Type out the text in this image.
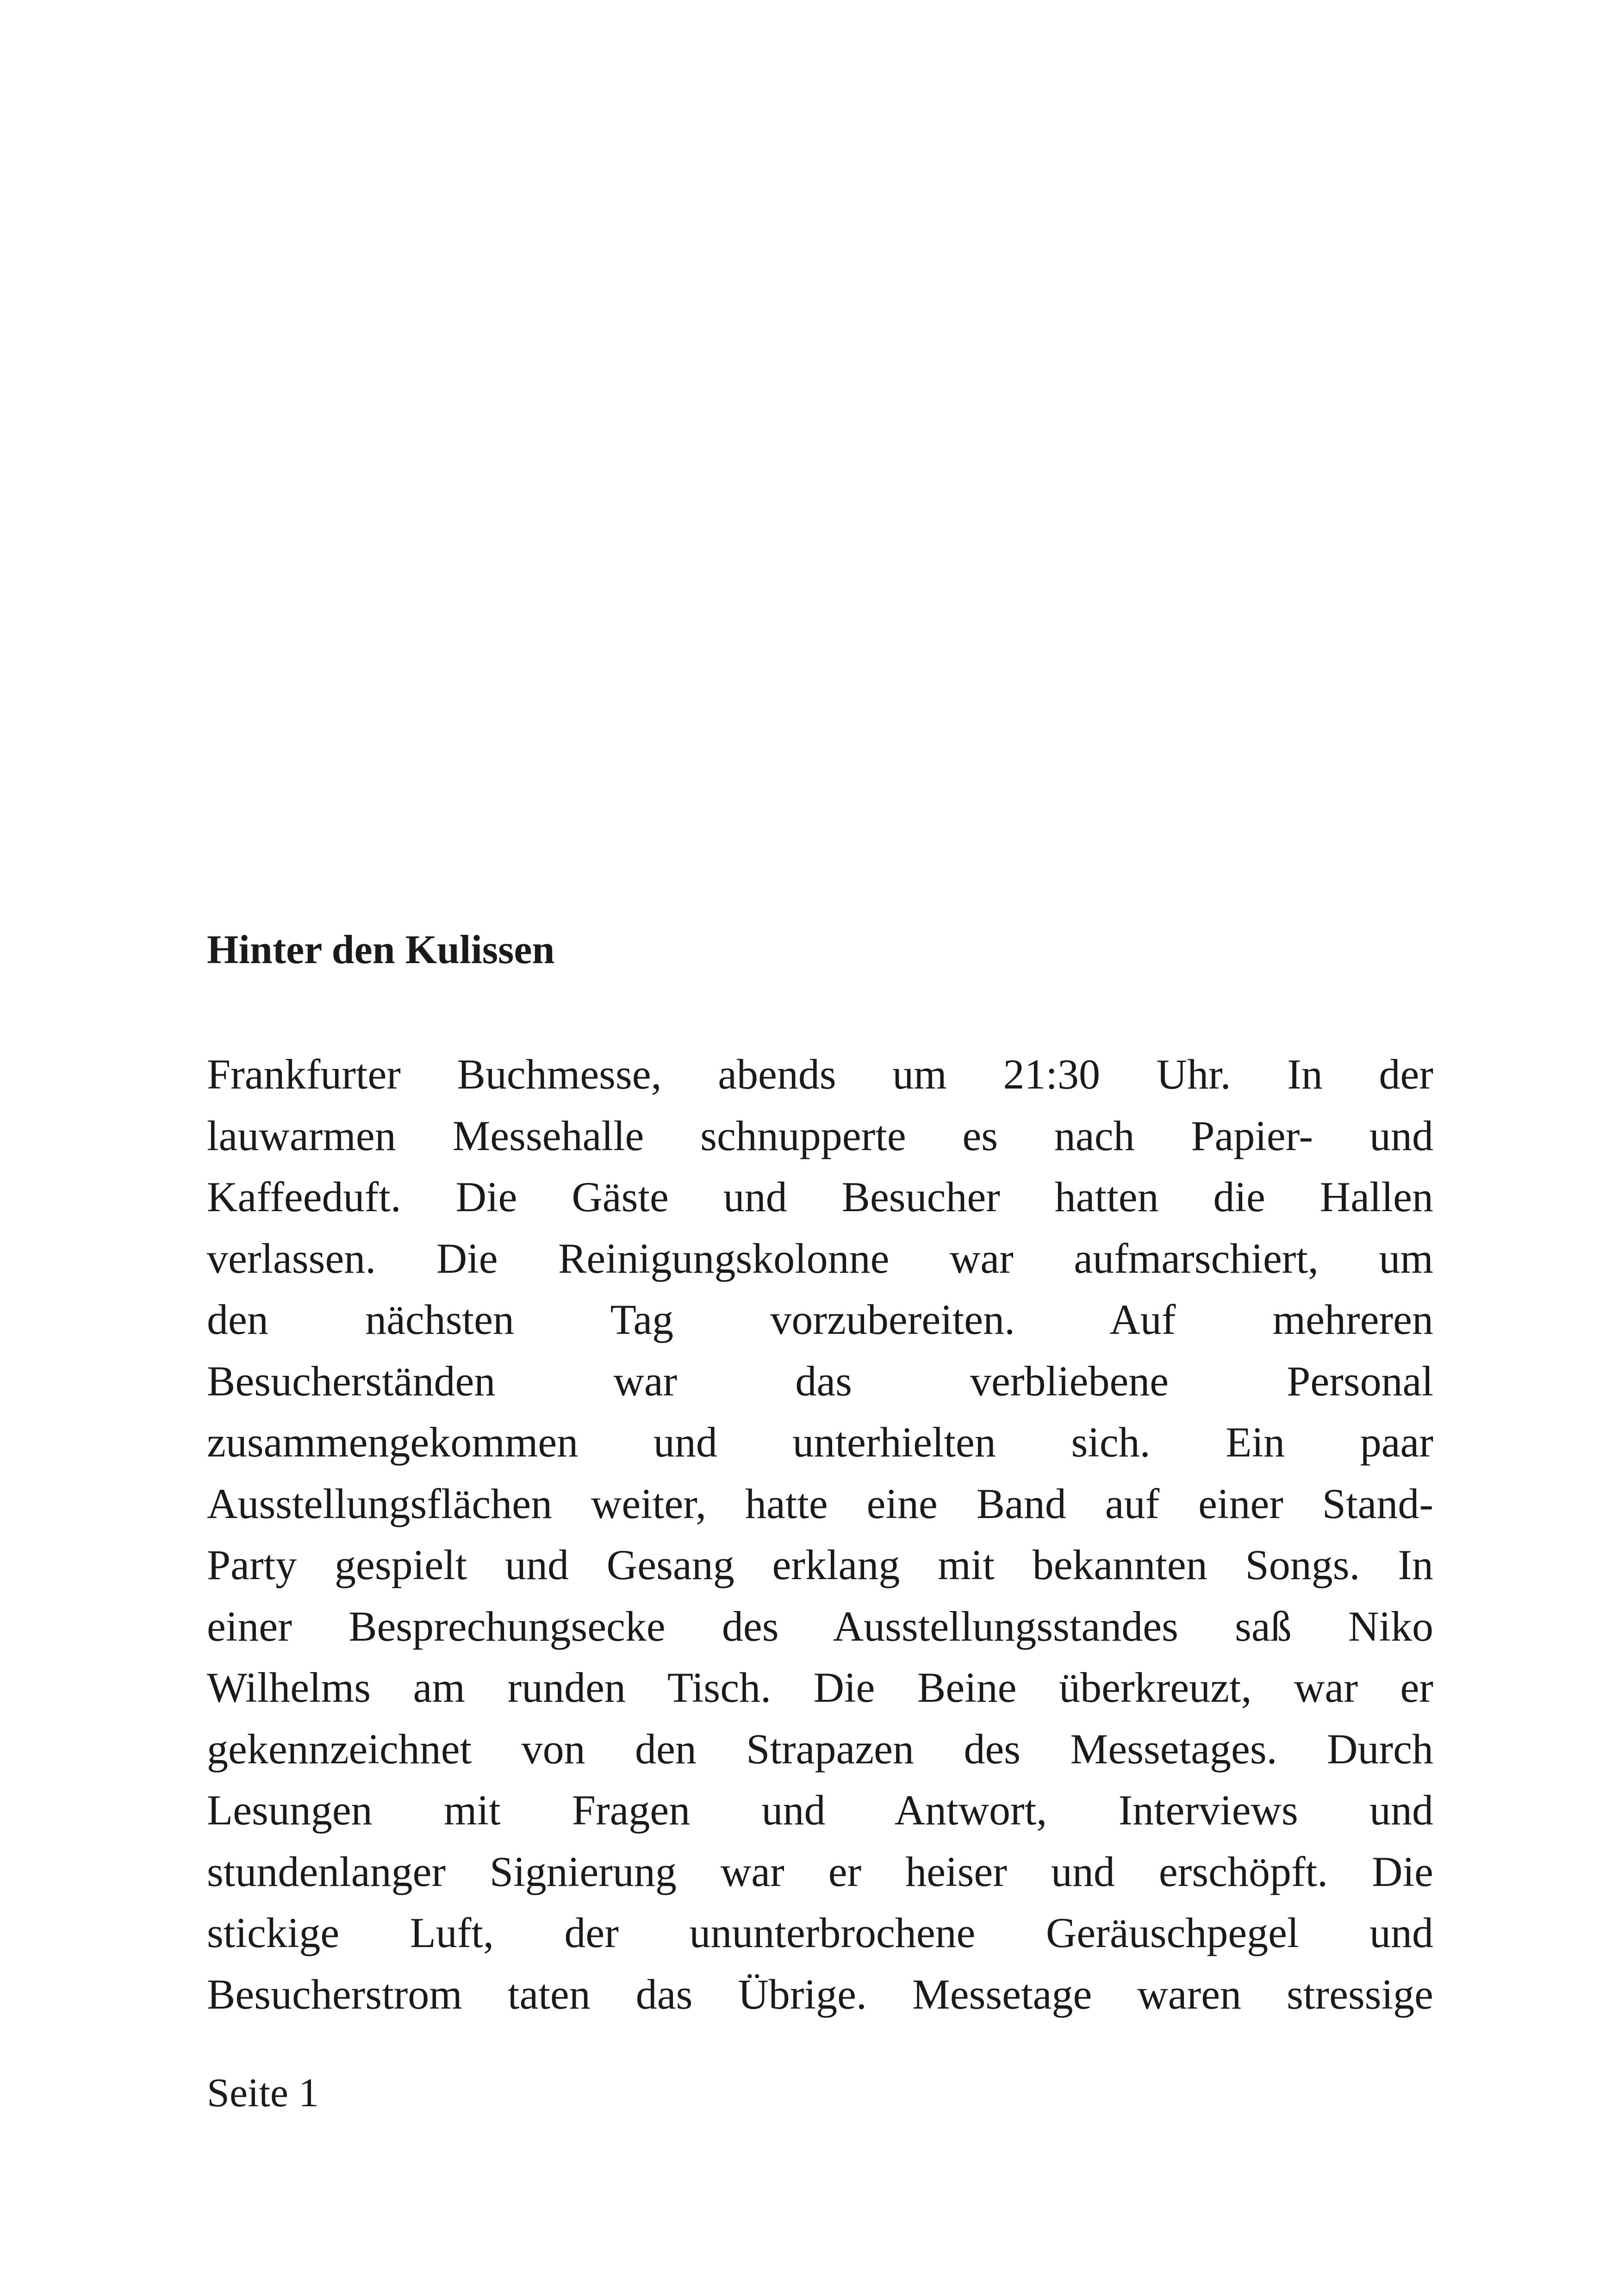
Hinter den Kulissen
Frankfurter Buchmesse, abends um 21:30 Uhr. In der
lauwarmen Messehalle schnupperte es nach Papier- und
Kaffeeduft. Die Gäste und Besucher hatten die Hallen
verlassen. Die Reinigungskolonne war aufmarschiert, um
den nächsten Tag vorzubereiten. Auf mehreren
Besucherständen war das verbliebene Personal
zusammengekommen und unterhielten sich. Ein paar
Ausstellungsflächen weiter, hatte eine Band auf einer Stand-
Party gespielt und Gesang erklang mit bekannten Songs. In
einer Besprechungsecke des Ausstellungsstandes saß Niko
Wilhelms am runden Tisch. Die Beine überkreuzt, war er
gekennzeichnet von den Strapazen des Messetages. Durch
Lesungen mit Fragen und Antwort, Interviews und
stundenlanger Signierung war er heiser und erschöpft. Die
stickige Luft, der ununterbrochene Geräuschpegel und
Besucherstrom taten das Übrige. Messetage waren stressige

Seite 1
